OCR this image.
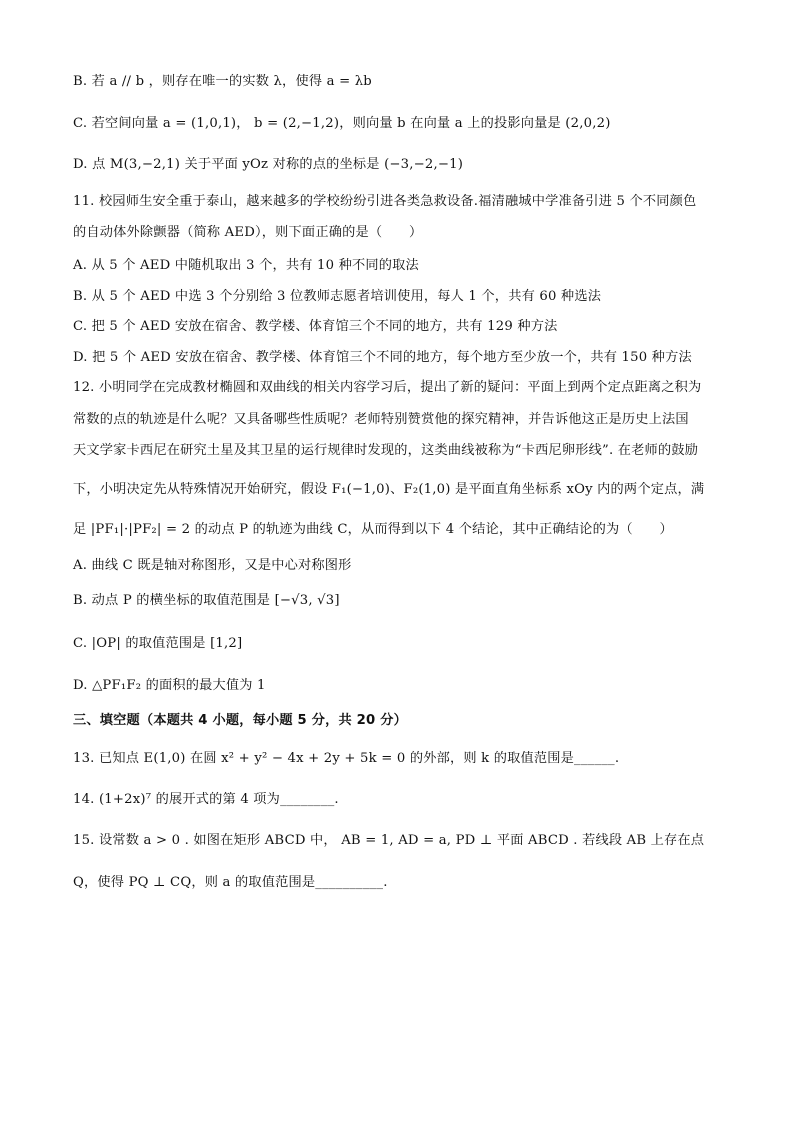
B. 若 a // b ，则存在唯一的实数 λ，使得 a = λb
C. 若空间向量 a = (1,0,1)， b = (2,−1,2)，则向量 b 在向量 a 上的投影向量是 (2,0,2)
D. 点 M(3,−2,1) 关于平面 yOz 对称的点的坐标是 (−3,−2,−1)
11. 校园师生安全重于泰山，越来越多的学校纷纷引进各类急救设备.福清融城中学准备引进 5 个不同颜色
的自动体外除颤器（简称 AED），则下面正确的是（　　）
A. 从 5 个 AED 中随机取出 3 个，共有 10 种不同的取法
B. 从 5 个 AED 中选 3 个分别给 3 位教师志愿者培训使用，每人 1 个，共有 60 种选法
C. 把 5 个 AED 安放在宿舍、教学楼、体育馆三个不同的地方，共有 129 种方法
D. 把 5 个 AED 安放在宿舍、教学楼、体育馆三个不同的地方，每个地方至少放一个，共有 150 种方法
12. 小明同学在完成教材椭圆和双曲线的相关内容学习后，提出了新的疑问：平面上到两个定点距离之积为
常数的点的轨迹是什么呢？又具备哪些性质呢？老师特别赞赏他的探究精神，并告诉他这正是历史上法国
天文学家卡西尼在研究土星及其卫星的运行规律时发现的，这类曲线被称为“卡西尼卵形线”. 在老师的鼓励
下，小明决定先从特殊情况开始研究，假设 F₁(−1,0)、F₂(1,0) 是平面直角坐标系 xOy 内的两个定点，满
足 |PF₁|·|PF₂| = 2 的动点 P 的轨迹为曲线 C，从而得到以下 4 个结论，其中正确结论的为（　　）
A. 曲线 C 既是轴对称图形，又是中心对称图形
B. 动点 P 的横坐标的取值范围是 [−√3, √3]
C. |OP| 的取值范围是 [1,2]
D. △PF₁F₂ 的面积的最大值为 1
三、填空题（本题共 4 小题，每小题 5 分，共 20 分）
13. 已知点 E(1,0) 在圆 x² + y² − 4x + 2y + 5k = 0 的外部，则 k 的取值范围是______.
14. (1+2x)⁷ 的展开式的第 4 项为________.
15. 设常数 a > 0 . 如图在矩形 ABCD 中， AB = 1, AD = a, PD ⊥ 平面 ABCD . 若线段 AB 上存在点
Q，使得 PQ ⊥ CQ，则 a 的取值范围是__________.
